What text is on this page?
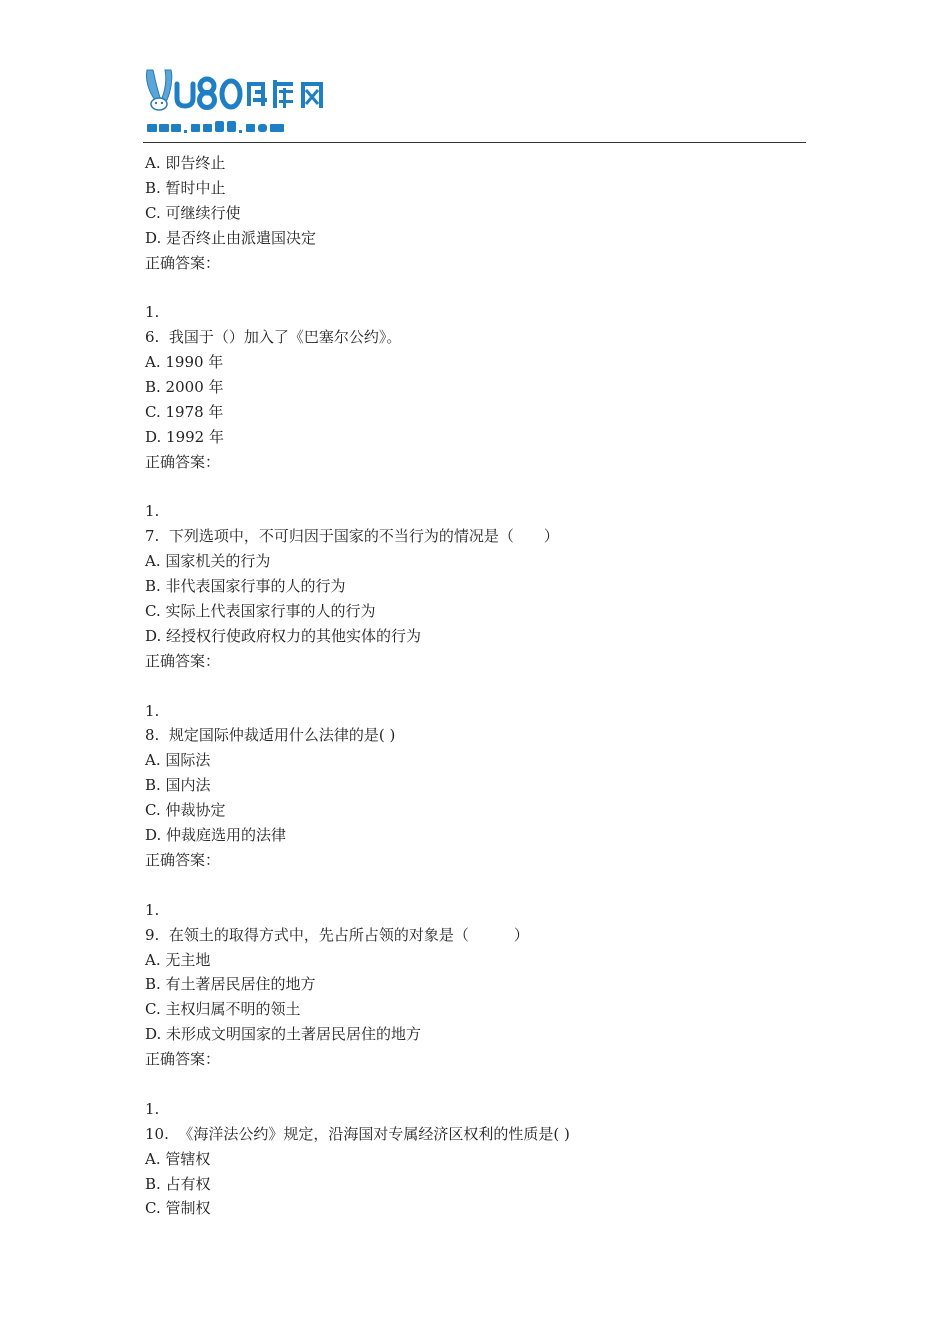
A. 即告终止
B. 暂时中止
C. 可继续行使
D. 是否终止由派遣国决定
正确答案：
1.
6.  我国于（）加入了《巴塞尔公约》。
A. 1990 年
B. 2000 年
C. 1978 年
D. 1992 年
正确答案：
1.
7.  下列选项中，不可归因于国家的不当行为的情况是（　　）
A. 国家机关的行为
B. 非代表国家行事的人的行为
C. 实际上代表国家行事的人的行为
D. 经授权行使政府权力的其他实体的行为
正确答案：
1.
8.  规定国际仲裁适用什么法律的是( )
A. 国际法
B. 国内法
C. 仲裁协定
D. 仲裁庭选用的法律
正确答案：
1.
9.  在领土的取得方式中，先占所占领的对象是（　　　）
A. 无主地
B. 有土著居民居住的地方
C. 主权归属不明的领土
D. 未形成文明国家的土著居民居住的地方
正确答案：
1.
10.  《海洋法公约》规定，沿海国对专属经济区权利的性质是( )
A. 管辖权
B. 占有权
C. 管制权
